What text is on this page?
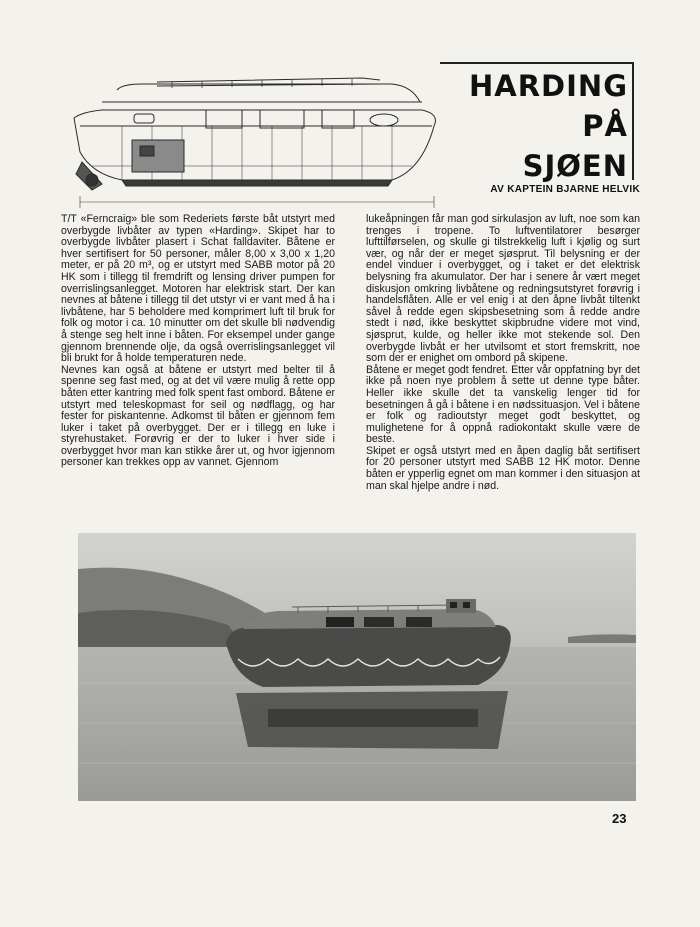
HARDING
PÅ
SJØEN
AV KAPTEIN BJARNE HELVIK

T/T «Ferncraig» ble som Rederiets første båt utstyrt med overbygde livbåter av typen «Harding». Skipet har to overbygde livbåter plasert i Schat falldaviter. Båtene er hver sertifisert for 50 personer, måler 8,00 x 3,00 x 1,20 meter, er på 20 m³, og er utstyrt med SABB motor på 20 HK som i tillegg til fremdrift og lensing driver pumpen for overrislingsanlegget. Motoren har elektrisk start. Der kan nevnes at båtene i tillegg til det utstyr vi er vant med å ha i livbåtene, har 5 beholdere med komprimert luft til bruk for folk og motor i ca. 10 minutter om det skulle bli nødvendig å stenge seg helt inne i båten. For eksempel under gange gjennom brennende olje, da også overrislingsanlegget vil bli brukt for å holde temperaturen nede.

Nevnes kan også at båtene er utstyrt med belter til å spenne seg fast med, og at det vil være mulig å rette opp båten etter kantring med folk spent fast ombord. Båtene er utstyrt med teleskopmast for seil og nødflagg, og har fester for piskantenne. Adkomst til båten er gjennom fem luker i taket på overbygget. Der er i tillegg en luke i styrehustaket. Forøvrig er der to luker i hver side i overbygget hvor man kan stikke årer ut, og hvor igjennom personer kan trekkes opp av vannet. Gjennom

lukeåpningen får man god sirkulasjon av luft, noe som kan trenges i tropene. To luftventilatorer besørger lufttilførselen, og skulle gi tilstrekkelig luft i kjølig og surt vær, og når der er meget sjøsprut. Til belysning er der endel vinduer i overbygget, og i taket er det elektrisk belysning fra akumulator. Der har i senere år vært meget diskusjon omkring livbåtene og redningsutstyret forøvrig i handelsflåten. Alle er vel enig i at den åpne livbåt tiltenkt såvel å redde egen skipsbesetning som å redde andre stedt i nød, ikke beskyttet skipbrudne videre mot vind, sjøsprut, kulde, og heller ikke mot stekende sol. Den overbygde livbåt er her utvilsomt et stort fremskritt, noe som der er enighet om ombord på skipene.

Båtene er meget godt fendret. Etter vår oppfatning byr det ikke på noen nye problem å sette ut denne type båter. Heller ikke skulle det ta vanskelig lenger tid for besetningen å gå i båtene i en nødssituasjon. Vel i båtene er folk og radioutstyr meget godt beskyttet, og mulighetene for å oppnå radiokontakt skulle være de beste.

Skipet er også utstyrt med en åpen daglig båt sertifisert for 20 personer utstyrt med SABB 12 HK motor. Denne båten er ypperlig egnet om man kommer i den situasjon at man skal hjelpe andre i nød.

23
